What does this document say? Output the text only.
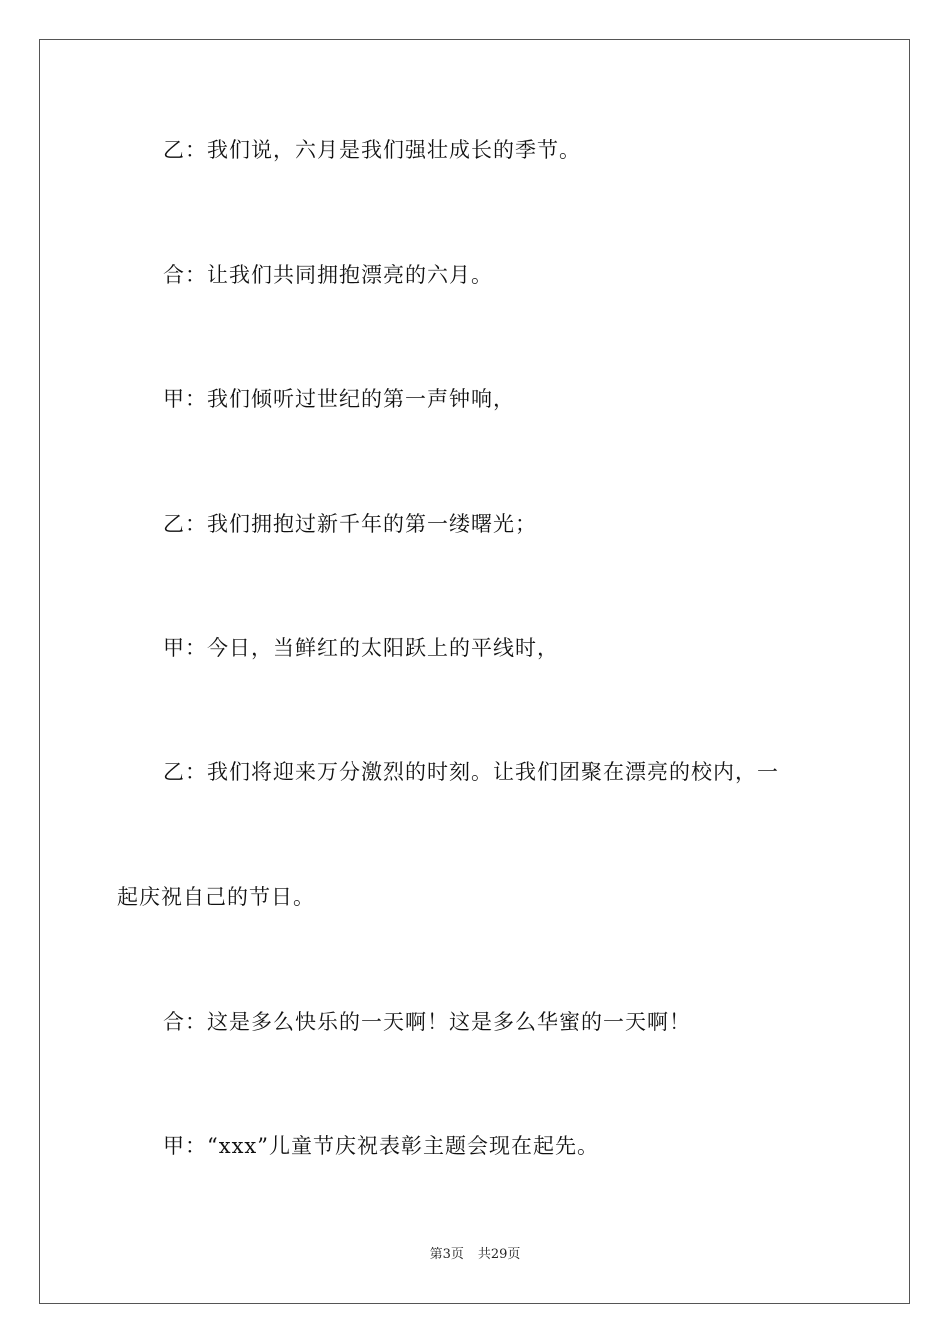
乙：我们说，六月是我们强壮成长的季节。
合：让我们共同拥抱漂亮的六月。
甲：我们倾听过世纪的第一声钟响，
乙：我们拥抱过新千年的第一缕曙光；
甲：今日，当鲜红的太阳跃上的平线时，
乙：我们将迎来万分激烈的时刻。让我们团聚在漂亮的校内，一
起庆祝自己的节日。
合：这是多么快乐的一天啊！这是多么华蜜的一天啊！
甲：“xxx”儿童节庆祝表彰主题会现在起先。
第3页 共29页
